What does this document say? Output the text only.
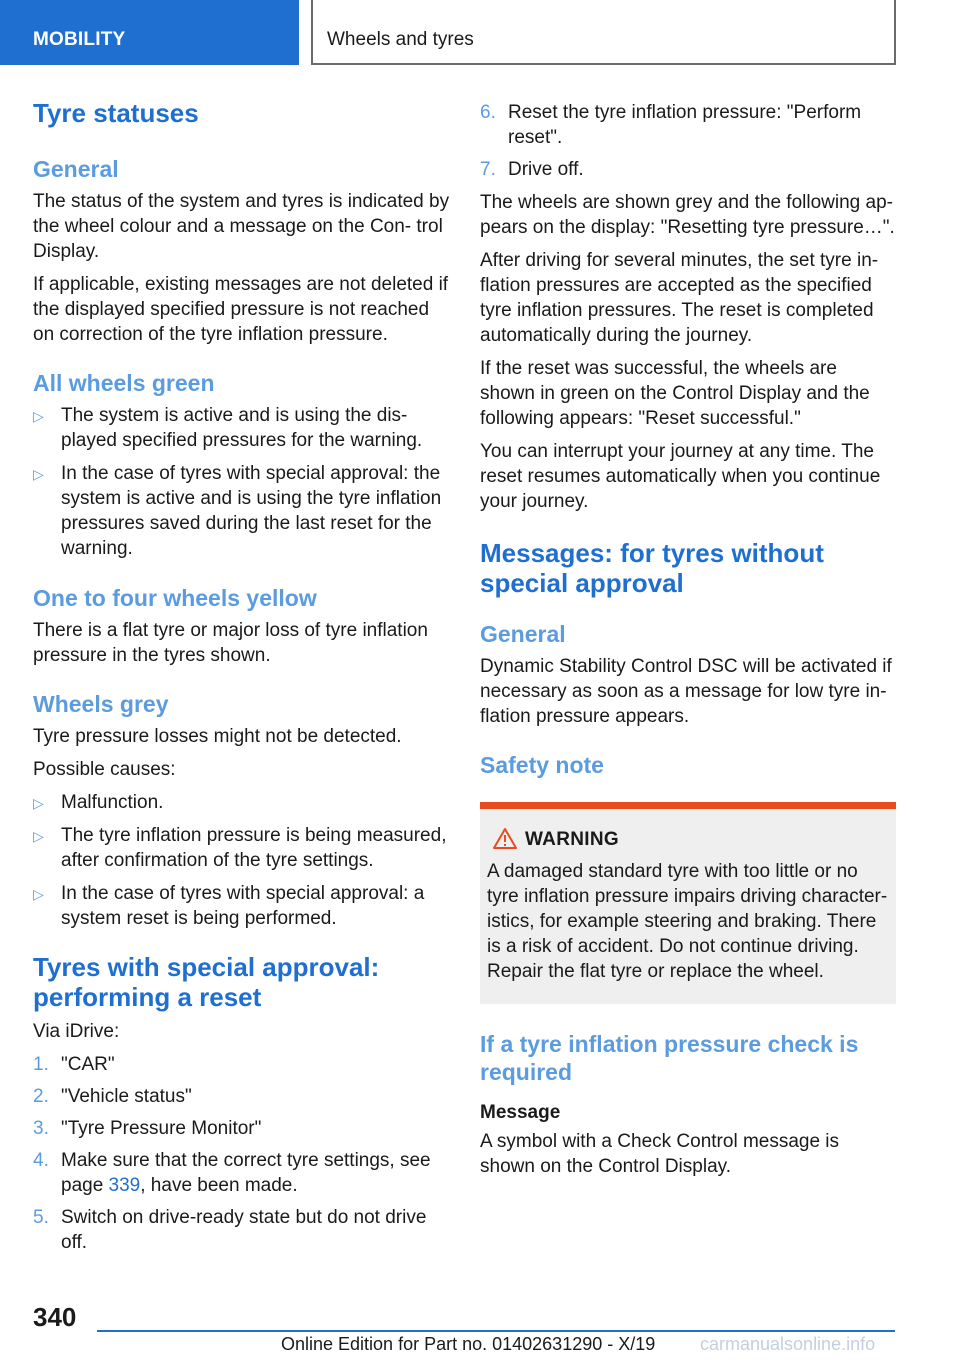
MOBILITY	Wheels and tyres
Tyre statuses
General

The status of the system and tyres is indicated by the wheel colour and a message on the Con‐ trol Display.

If applicable, existing messages are not deleted if the displayed specified pressure is not reached on correction of the tyre inflation pressure.

All wheels green
▷ The system is active and is using the dis‐ played specified pressures for the warning.
▷ In the case of tyres with special approval: the system is active and is using the tyre inflation pressures saved during the last reset for the warning.
One to four wheels yellow

There is a flat tyre or major loss of tyre inflation pressure in the tyres shown.

Wheels grey

Tyre pressure losses might not be detected.

Possible causes:

▷ Malfunction.
▷ The tyre inflation pressure is being measured, after confirmation of the tyre settings.
▷ In the case of tyres with special approval: a system reset is being performed.
Tyres with special approval: performing a reset

Via iDrive:

1. "CAR"
2. "Vehicle status"
3. "Tyre Pressure Monitor"
4. Make sure that the correct tyre settings, see page 339, have been made.
5. Switch on drive-ready state but do not drive off.
6. Reset the tyre inflation pressure: "Perform reset".
7. Drive off.

The wheels are shown grey and the following ap‐ pears on the display: "Resetting tyre pressure…".

After driving for several minutes, the set tyre in‐ flation pressures are accepted as the specified tyre inflation pressures. The reset is completed automatically during the journey.

If the reset was successful, the wheels are shown in green on the Control Display and the following appears: "Reset successful."

You can interrupt your journey at any time. The reset resumes automatically when you continue your journey.

Messages: for tyres without special approval
General

Dynamic Stability Control DSC will be activated if necessary as soon as a message for low tyre in‐ flation pressure appears.

Safety note
WARNING

A damaged standard tyre with too little or no tyre inflation pressure impairs driving character‐ istics, for example steering and braking. There is a risk of accident. Do not continue driving. Repair the flat tyre or replace the wheel.

If a tyre inflation pressure check is required
Message

A symbol with a Check Control message is shown on the Control Display.

340
Online Edition for Part no. 01402631290 - X/19 carmanualsonline.info
